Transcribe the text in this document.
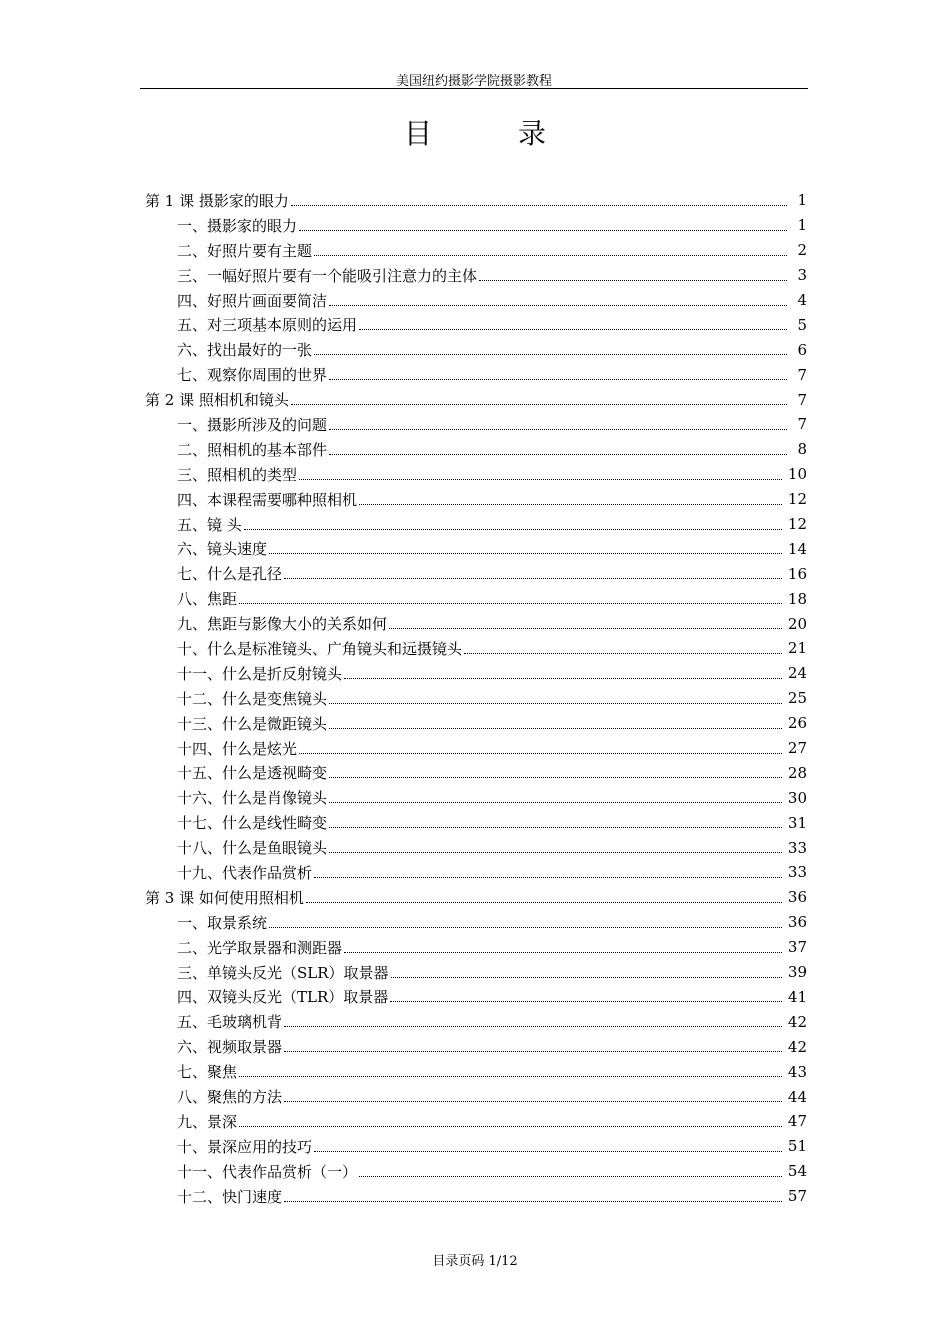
美国纽约摄影学院摄影教程
目	录
第 1 课 摄影家的眼力	1
一、摄影家的眼力	1
二、好照片要有主题	2
三、一幅好照片要有一个能吸引注意力的主体	3
四、好照片画面要简洁	4
五、对三项基本原则的运用	5
六、找出最好的一张	6
七、观察你周围的世界	7
第 2 课 照相机和镜头	7
一、摄影所涉及的问题	7
二、照相机的基本部件	8
三、照相机的类型	10
四、本课程需要哪种照相机	12
五、镜 头	12
六、镜头速度	14
七、什么是孔径	16
八、焦距	18
九、焦距与影像大小的关系如何	20
十、什么是标准镜头、广角镜头和远摄镜头	21
十一、什么是折反射镜头	24
十二、什么是变焦镜头	25
十三、什么是微距镜头	26
十四、什么是炫光	27
十五、什么是透视畸变	28
十六、什么是肖像镜头	30
十七、什么是线性畸变	31
十八、什么是鱼眼镜头	33
十九、代表作品赏析	33
第 3 课 如何使用照相机	36
一、取景系统	36
二、光学取景器和测距器	37
三、单镜头反光（SLR）取景器	39
四、双镜头反光（TLR）取景器	41
五、毛玻璃机背	42
六、视频取景器	42
七、聚焦	43
八、聚焦的方法	44
九、景深	47
十、景深应用的技巧	51
十一、代表作品赏析（一）	54
十二、快门速度	57
目录页码 1/12
